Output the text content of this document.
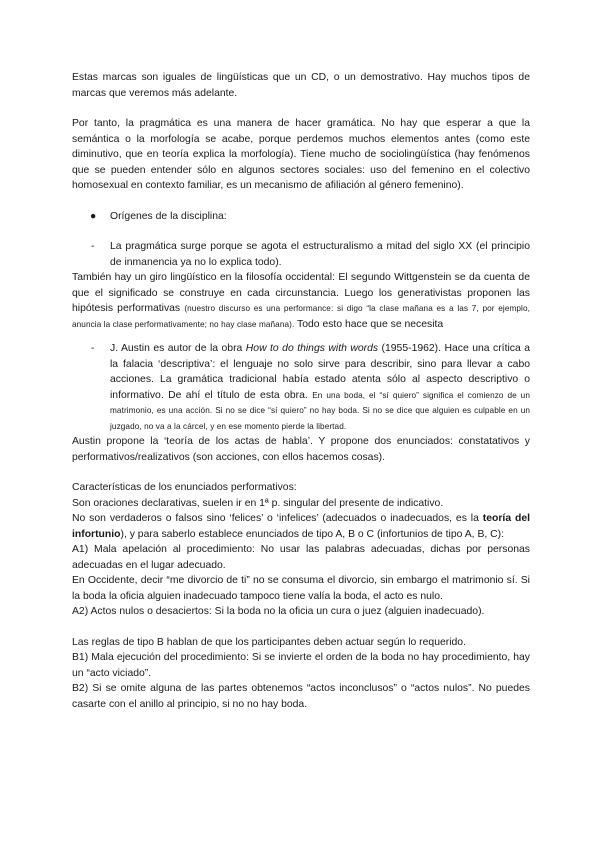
Estas marcas son iguales de lingüísticas que un CD, o un demostrativo. Hay muchos tipos de marcas que veremos más adelante.

Por tanto, la pragmática es una manera de hacer gramática. No hay que esperar a que la semántica o la morfología se acabe, porque perdemos muchos elementos antes (como este diminutivo, que en teoría explica la morfología). Tiene mucho de sociolingüística (hay fenómenos que se pueden entender sólo en algunos sectores sociales: uso del femenino en el colectivo homosexual en contexto familiar, es un mecanismo de afiliación al género femenino).

●	Orígenes de la disciplina:
-	La pragmática surge porque se agota el estructuralismo a mitad del siglo XX (el principio de inmanencia ya no lo explica todo).

También hay un giro lingüístico en la filosofía occidental: El segundo Wittgenstein se da cuenta de que el significado se construye en cada circunstancia. Luego los generativistas proponen las hipótesis performativas (nuestro discurso es una performance: si digo “la clase mañana es a las 7, por ejemplo, anuncia la clase performativamente; no hay clase mañana). Todo esto hace que se necesita

-	J. Austin es autor de la obra How to do things with words (1955-1962). Hace una crítica a la falacia ‘descriptiva’: el lenguaje no solo sirve para describir, sino para llevar a cabo acciones. La gramática tradicional había estado atenta sólo al aspecto descriptivo o informativo. De ahí el título de esta obra. En una boda, el “sí quiero” significa el comienzo de un matrimonio, es una acción. Si no se dice “sí quiero” no hay boda. Si no se dice que alguien es culpable en un juzgado, no va a la cárcel, y en ese momento pierde la libertad.

Austin propone la ‘teoría de los actas de habla’. Y propone dos enunciados: constatativos y performativos/realizativos (son acciones, con ellos hacemos cosas).

Características de los enunciados performativos:

Son oraciones declarativas, suelen ir en 1ª p. singular del presente de indicativo.

No son verdaderos o falsos sino ‘felices’ o ‘infelices’ (adecuados o inadecuados, es la teoría del infortunio), y para saberlo establece enunciados de tipo A, B o C (infortunios de tipo A, B, C):

A1) Mala apelación al procedimiento: No usar las palabras adecuadas, dichas por personas adecuadas en el lugar adecuado.

En Occidente, decir “me divorcio de ti” no se consuma el divorcio, sin embargo el matrimonio sí. Si la boda la oficia alguien inadecuado tampoco tiene valía la boda, el acto es nulo.

A2) Actos nulos o desaciertos: Si la boda no la oficia un cura o juez (alguien inadecuado).

Las reglas de tipo B hablan de que los participantes deben actuar según lo requerido.

B1) Mala ejecución del procedimiento: Si se invierte el orden de la boda no hay procedimiento, hay un “acto viciado”.

B2) Si se omite alguna de las partes obtenemos “actos inconclusos” o “actos nulos”. No puedes casarte con el anillo al principio, si no no hay boda.
